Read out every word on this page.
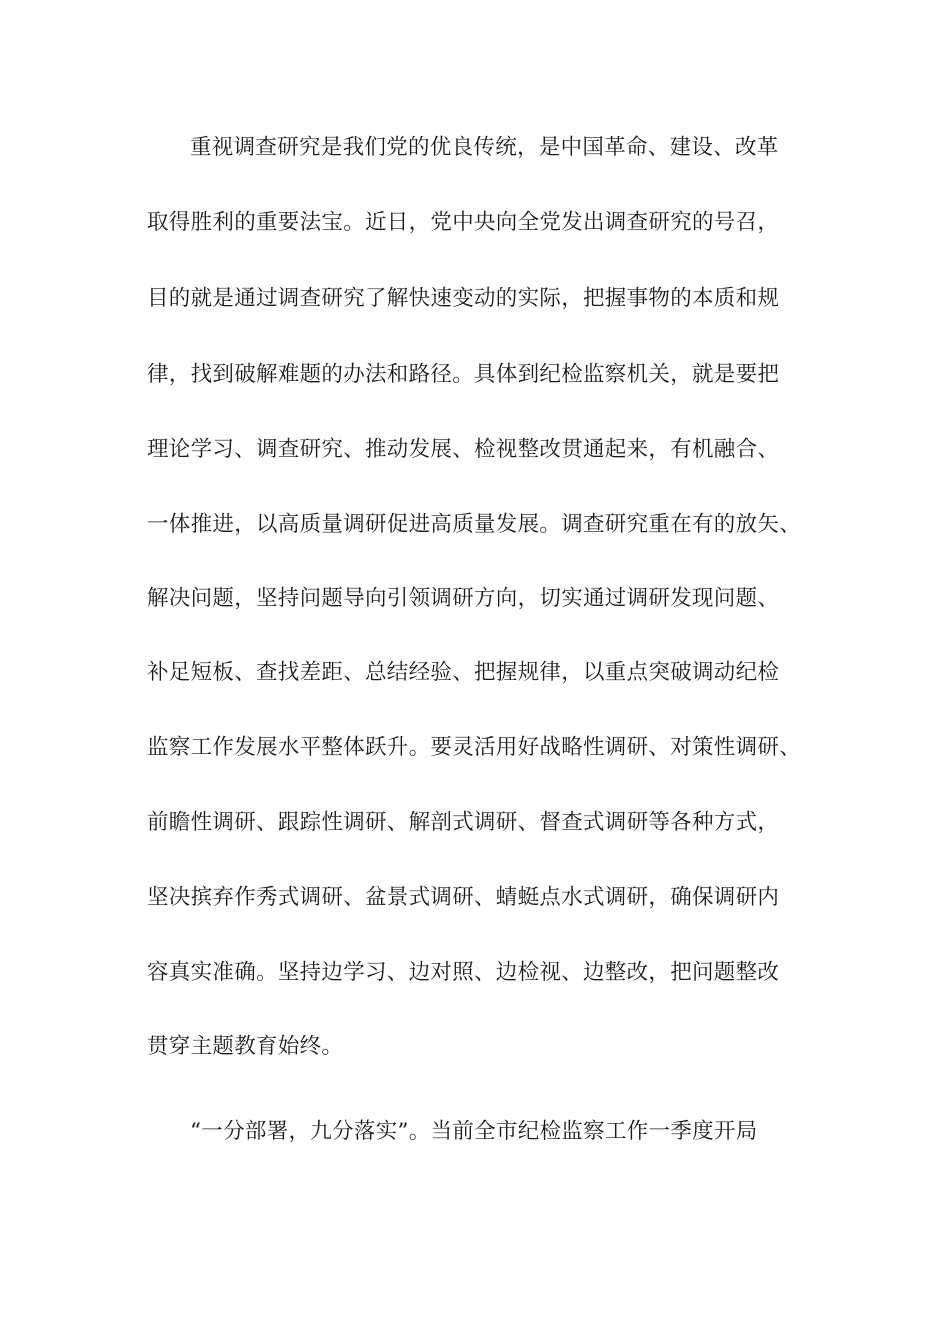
重视调查研究是我们党的优良传统，是中国革命、建设、改革
取得胜利的重要法宝。近日，党中央向全党发出调查研究的号召，
目的就是通过调查研究了解快速变动的实际，把握事物的本质和规
律，找到破解难题的办法和路径。具体到纪检监察机关，就是要把
理论学习、调查研究、推动发展、检视整改贯通起来，有机融合、
一体推进，以高质量调研促进高质量发展。调查研究重在有的放矢、
解决问题，坚持问题导向引领调研方向，切实通过调研发现问题、
补足短板、查找差距、总结经验、把握规律，以重点突破调动纪检
监察工作发展水平整体跃升。要灵活用好战略性调研、对策性调研、
前瞻性调研、跟踪性调研、解剖式调研、督查式调研等各种方式，
坚决摈弃作秀式调研、盆景式调研、蜻蜓点水式调研，确保调研内
容真实准确。坚持边学习、边对照、边检视、边整改，把问题整改
贯穿主题教育始终。
“一分部署，九分落实”。当前全市纪检监察工作一季度开局
